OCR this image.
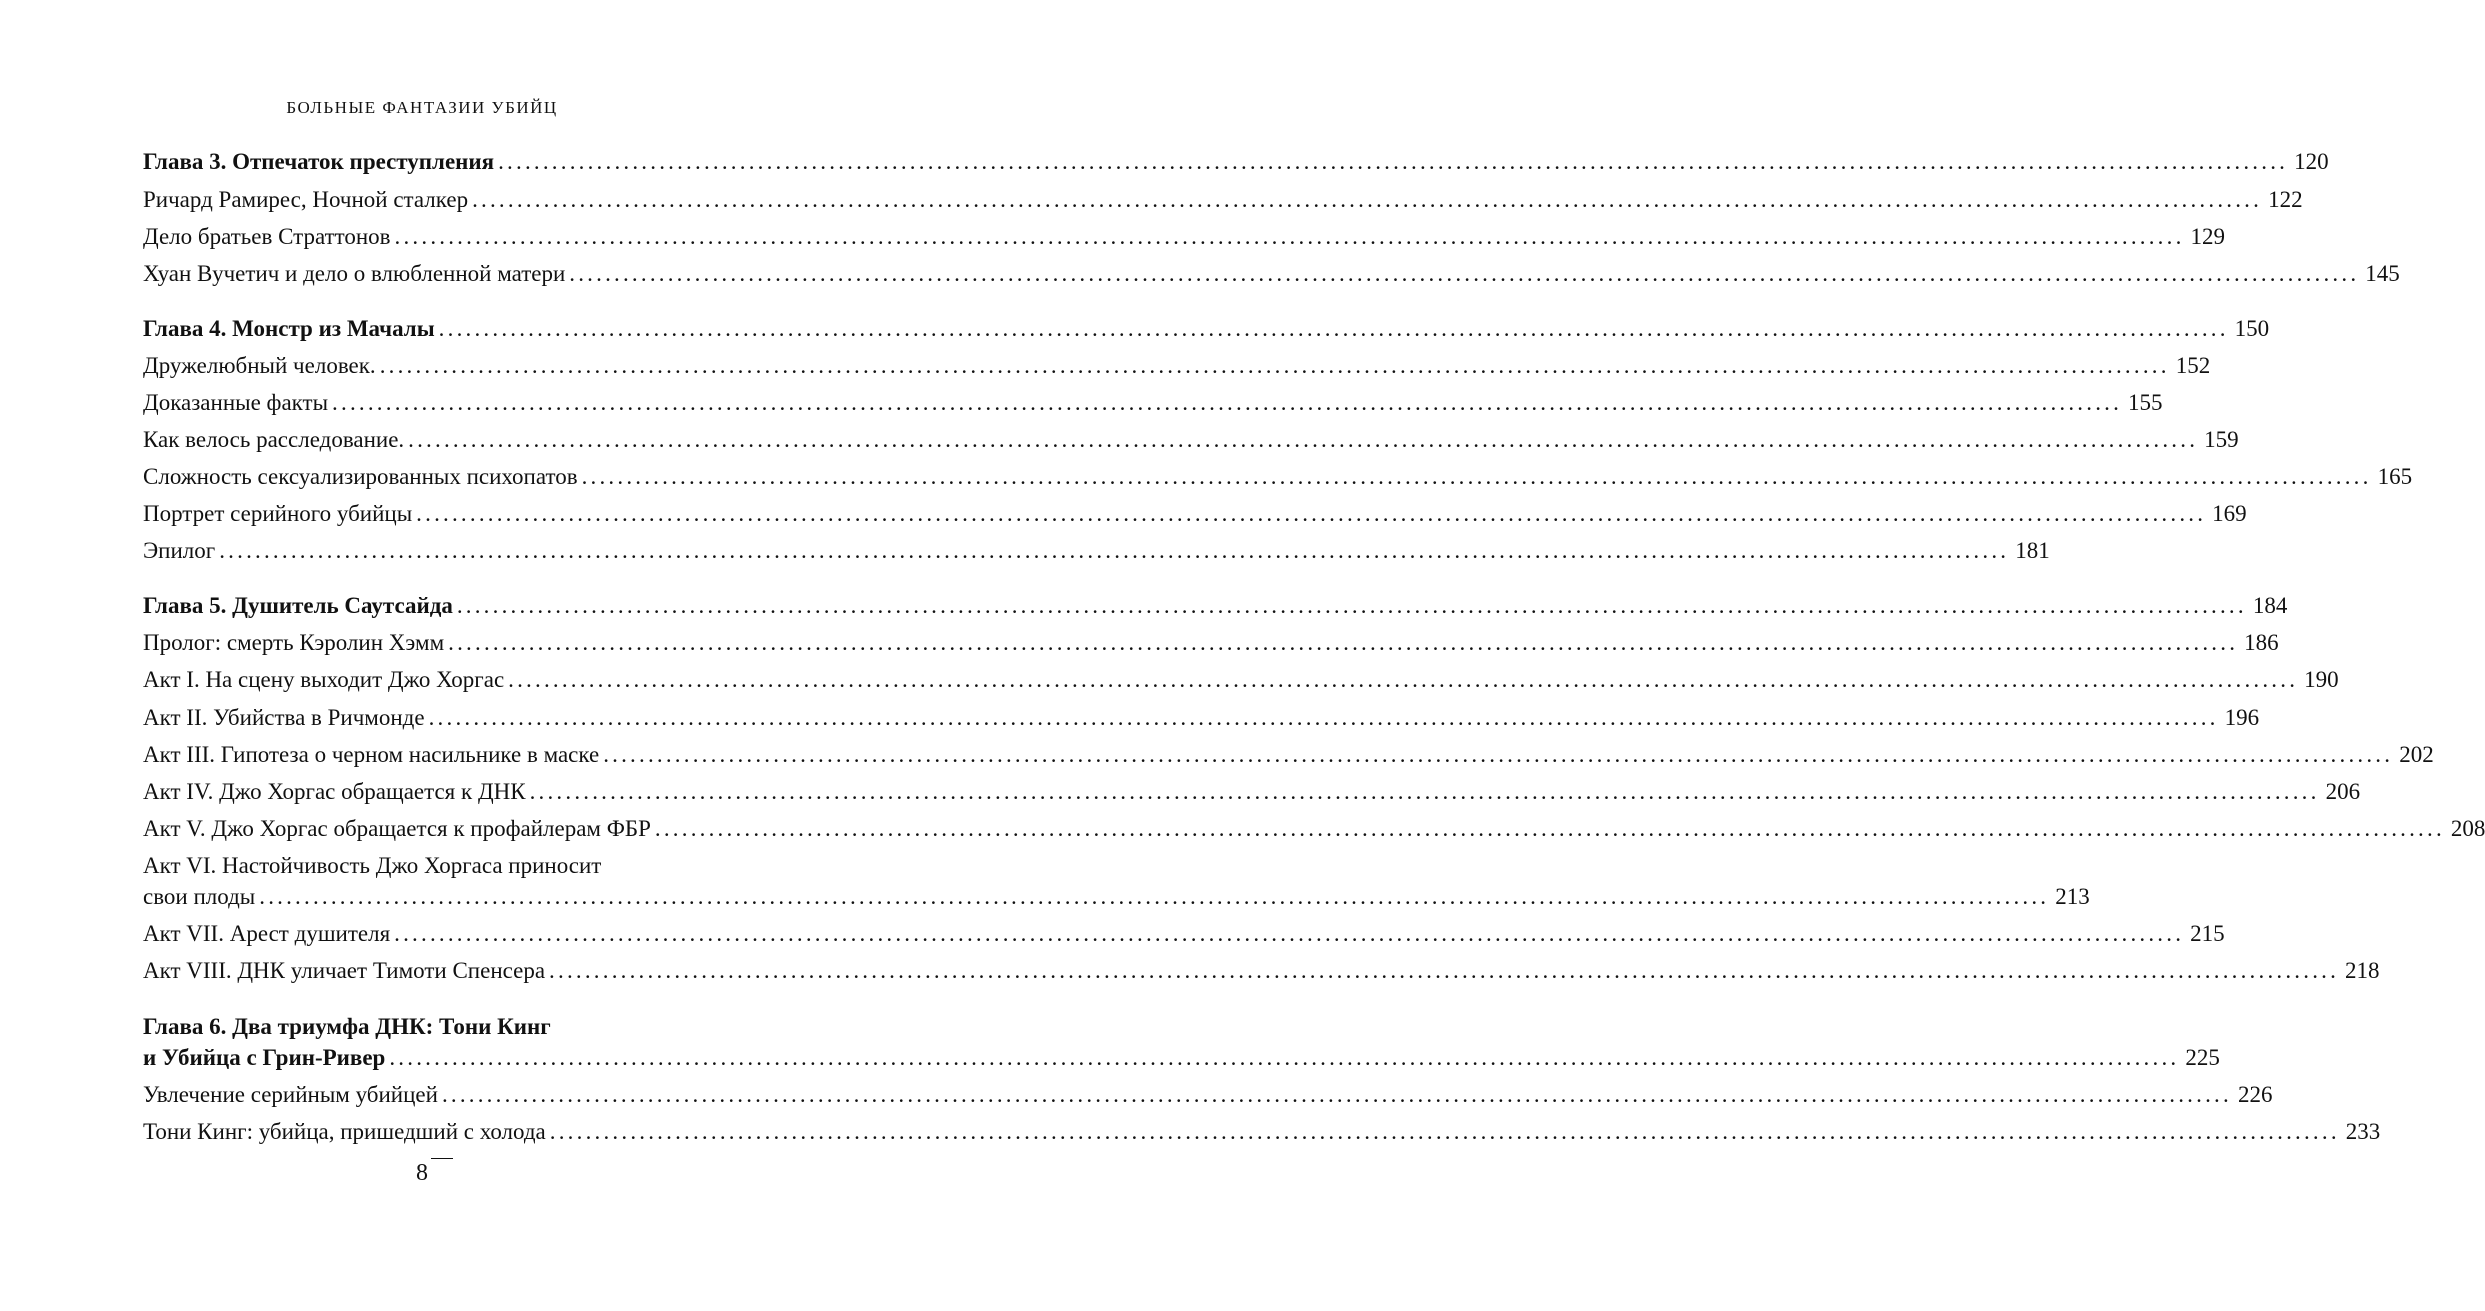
БОЛЬНЫЕ ФАНТАЗИИ УБИЙЦ
Глава 3. Отпечаток преступления ........................................................................................................................................................................................................ 120
Ричард Рамирес, Ночной сталкер ........................................................................................................................................................................................................ 122
Дело братьев Страттонов ........................................................................................................................................................................................................ 129
Хуан Вучетич и дело о влюбленной матери ........................................................................................................................................................................................................ 145
Глава 4. Монстр из Мачалы ........................................................................................................................................................................................................ 150
Дружелюбный человек. ........................................................................................................................................................................................................ 152
Доказанные факты ........................................................................................................................................................................................................ 155
Как велось расследование. ........................................................................................................................................................................................................ 159
Сложность сексуализированных психопатов ........................................................................................................................................................................................................ 165
Портрет серийного убийцы ........................................................................................................................................................................................................ 169
Эпилог ........................................................................................................................................................................................................ 181
Глава 5. Душитель Саутсайда ........................................................................................................................................................................................................ 184
Пролог: смерть Кэролин Хэмм ........................................................................................................................................................................................................ 186
Акт I. На сцену выходит Джо Хоргас ........................................................................................................................................................................................................ 190
Акт II. Убийства в Ричмонде ........................................................................................................................................................................................................ 196
Акт III. Гипотеза о черном насильнике в маске ........................................................................................................................................................................................................ 202
Акт IV. Джо Хоргас обращается к ДНК ........................................................................................................................................................................................................ 206
Акт V. Джо Хоргас обращается к профайлерам ФБР ........................................................................................................................................................................................................ 208
Акт VI. Настойчивость Джо Хоргаса приносит
свои плоды ........................................................................................................................................................................................................ 213
Акт VII. Арест душителя ........................................................................................................................................................................................................ 215
Акт VIII. ДНК уличает Тимоти Спенсера ........................................................................................................................................................................................................ 218
Глава 6. Два триумфа ДНК: Тони Кинг
и Убийца с Грин-Ривер ........................................................................................................................................................................................................ 225
Увлечение серийным убийцей ........................................................................................................................................................................................................ 226
Тони Кинг: убийца, пришедший с холода ........................................................................................................................................................................................................ 233
8
